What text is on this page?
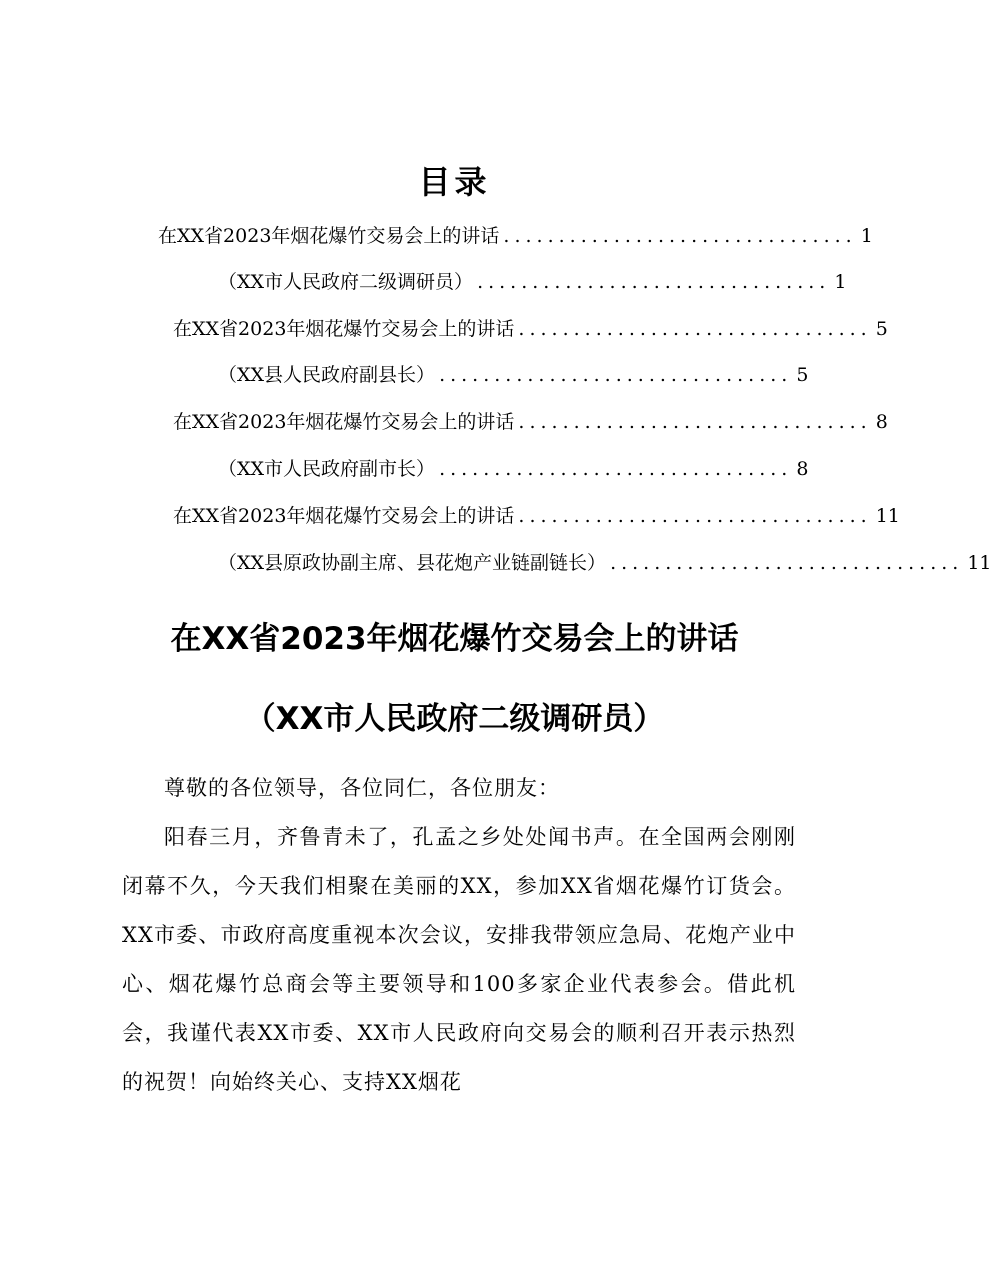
目录
在XX省2023年烟花爆竹交易会上的讲话 ................................ 1
（XX市人民政府二级调研员） ................................ 1
在XX省2023年烟花爆竹交易会上的讲话 ................................ 5
（XX县人民政府副县长） ................................ 5
在XX省2023年烟花爆竹交易会上的讲话 ................................ 8
（XX市人民政府副市长） ................................ 8
在XX省2023年烟花爆竹交易会上的讲话 ................................ 11
（XX县原政协副主席、县花炮产业链副链长） ................................ 11
在XX省2023年烟花爆竹交易会上的讲话
（XX市人民政府二级调研员）

尊敬的各位领导，各位同仁，各位朋友：

阳春三月，齐鲁青未了，孔孟之乡处处闻书声。在全国两会刚刚闭幕不久，今天我们相聚在美丽的XX，参加XX省烟花爆竹订货会。XX市委、市政府高度重视本次会议，安排我带领应急局、花炮产业中心、烟花爆竹总商会等主要领导和100多家企业代表参会。借此机会，我谨代表XX市委、XX市人民政府向交易会的顺利召开表示热烈的祝贺！向始终关心、支持XX烟花
